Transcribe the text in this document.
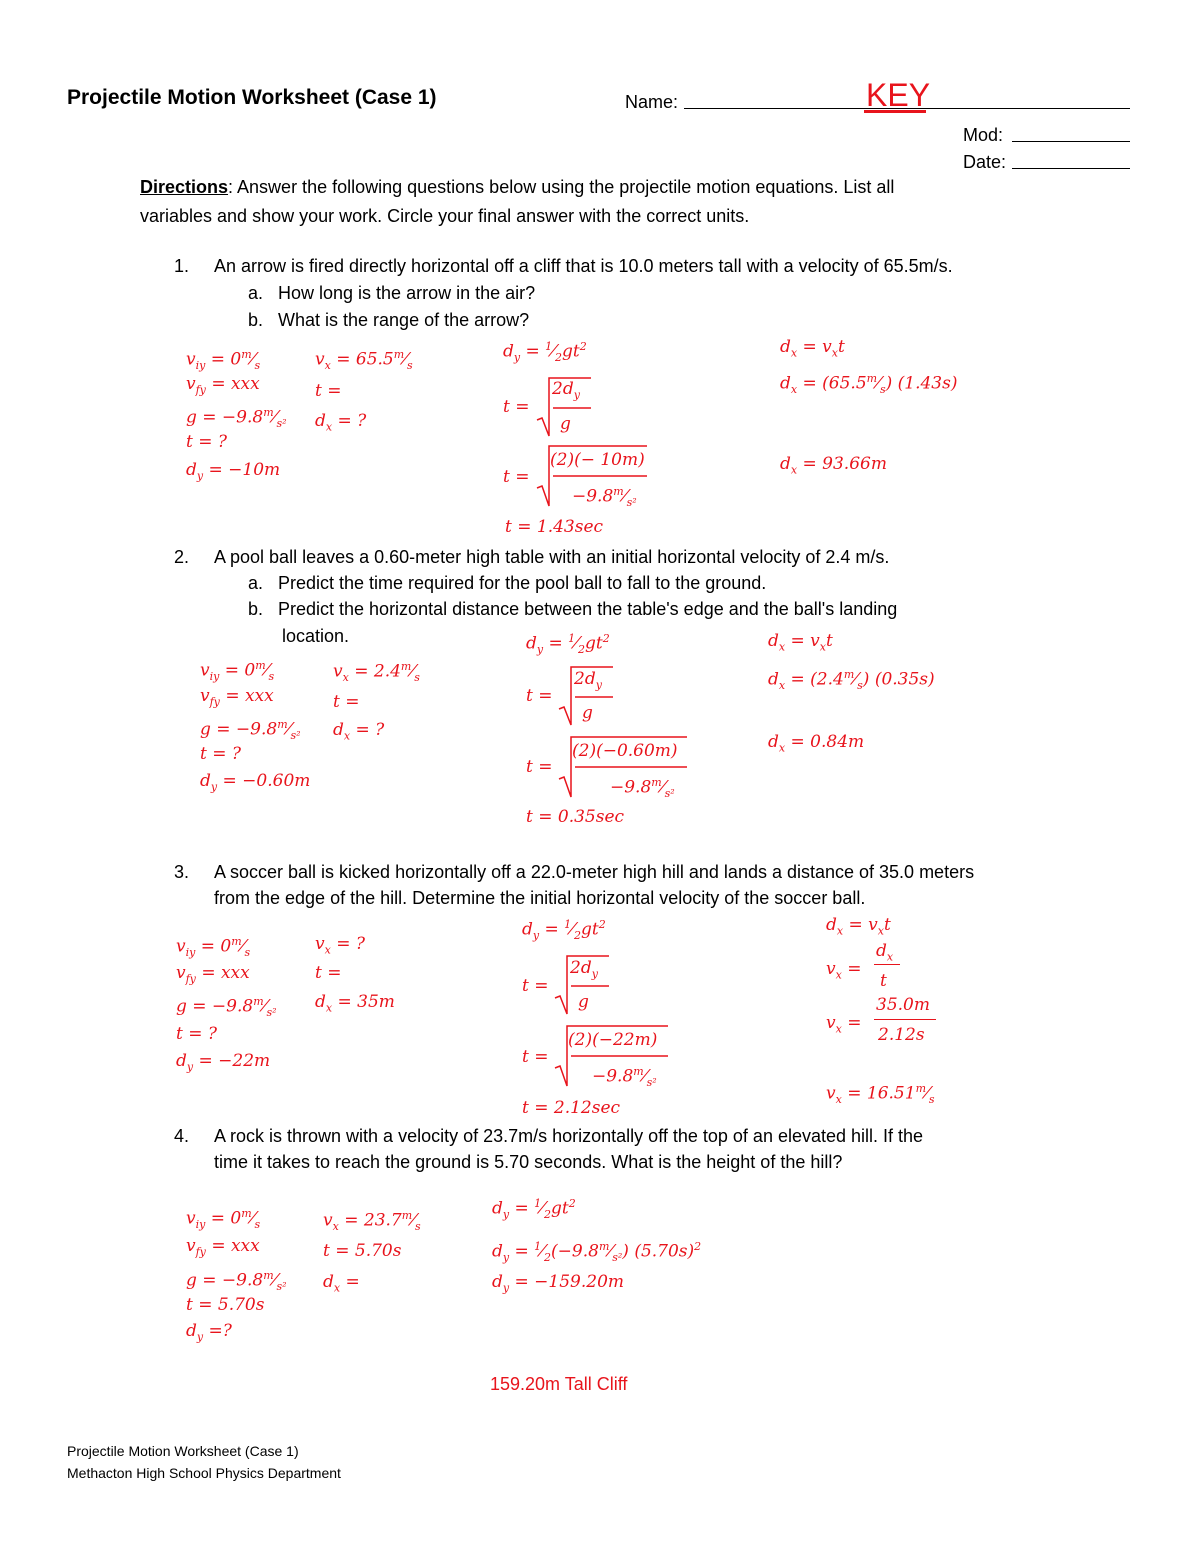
Projectile Motion Worksheet (Case 1)	Name:	KEY
Mod:
Date:
Directions: Answer the following questions below using the projectile motion equations. List all
variables and show your work. Circle your final answer with the correct units.
1. An arrow is fired directly horizontal off a cliff that is 10.0 meters tall with a velocity of 65.5m/s.
a. How long is the arrow in the air?
b. What is the range of the arrow?
$v_{iy}$ = $0^m⁄_s$
$v_{fy}$ = xxx
$g = -9.8^m⁄_{s^2}$
t = ?
$d_y = -10m$
$v_x$ = $65.5^m⁄_s$
t =
$d_x$ = ?
$d_y$ = $^1⁄_2gt^2$
t =
$2d_y$
g
t =
(2)(− 10m)
$-9.8^m⁄_{s^2}$
t = 1.43sec
$d_x = v_xt$
$d_x$ = $(65.5^m⁄_s)$ (1.43s)
$d_x = 93.66m$
2. A pool ball leaves a 0.60-meter high table with an initial horizontal velocity of 2.4 m/s.
a. Predict the time required for the pool ball to fall to the ground.
b. Predict the horizontal distance between the table's edge and the ball's landing
location.
$v_{iy}$ = $0^m⁄_s$
$v_{fy}$ = xxx
$g = -9.8^m⁄_{s^2}$
t = ?
$d_y = -0.60m$
$v_x$ = $2.4^m⁄_s$
t =
$d_x$ = ?
$d_y$ = $^1⁄_2gt^2$
t =
$2d_y$
g
t =
(2)(−0.60m)
$-9.8^m⁄_{s^2}$
t = 0.35sec
$d_x = v_xt$
$d_x$ = $(2.4^m⁄_s)$ (0.35s)
$d_x = 0.84m$
3. A soccer ball is kicked horizontally off a 22.0-meter high hill and lands a distance of 35.0 meters
from the edge of the hill. Determine the initial horizontal velocity of the soccer ball.
$v_{iy}$ = $0^m⁄_s$
$v_{fy}$ = xxx
$g = -9.8^m⁄_{s^2}$
t = ?
$d_y = -22m$
$v_x$ = ?
t =
$d_x = 35m$
$d_y$ = $^1⁄_2gt^2$
t =
$2d_y$
g
t =
(2)(−22m)
$-9.8^m⁄_{s^2}$
t = 2.12sec
$d_x = v_xt$
$v_x$ =
$d_x$
t
$v_x$ =
35.0m
2.12s
$v_x$ = $16.51^m⁄_s$
4. A rock is thrown with a velocity of 23.7m/s horizontally off the top of an elevated hill. If the
time it takes to reach the ground is 5.70 seconds. What is the height of the hill?
$v_{iy}$ = $0^m⁄_s$
$v_{fy}$ = xxx
$g = -9.8^m⁄_{s^2}$
t = 5.70s
$d_y$ =?
$v_x$ = $23.7^m⁄_s$
t = 5.70s
$d_x$ =
$d_y$ = $^1⁄_2gt^2$
$d_y$ = $^1⁄_2(-9.8^m⁄_{s^2})$ $(5.70s)^2$
$d_y = -159.20m$
159.20m Tall Cliff
Projectile Motion Worksheet (Case 1)
Methacton High School Physics Department
